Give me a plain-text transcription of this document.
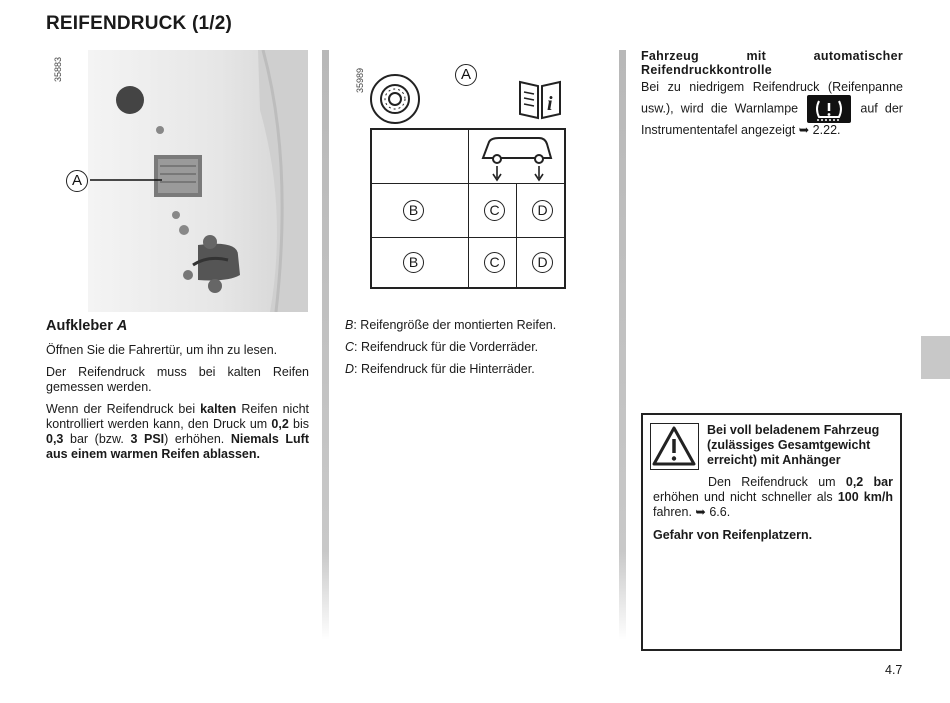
REIFENDRUCK (1/2)
35883
A
Aufkleber A

Öffnen Sie die Fahrertür, um ihn zu lesen.

Der Reifendruck muss bei kalten Reifen gemessen werden.

Wenn der Reifendruck bei kalten Reifen nicht kontrolliert werden kann, den Druck um 0,2 bis 0,3 bar (bzw. 3 PSI) erhöhen. Niemals Luft aus einem warmen Reifen ablassen.

35989	A
i
B	C	D
B	C	D

B: Reifengröße der montierten Reifen.

C: Reifendruck für die Vorderräder.

D: Reifendruck für die Hinterräder.

Fahrzeug mit automatischer Reifendruckkontrolle
Bei zu niedrigem Reifendruck (Reifenpanne usw.), wird die Warnlampe	auf der Instrumententafel angezeigt ➥ 2.22.
Bei voll beladenem Fahrzeug (zulässiges Gesamtgewicht erreicht) mit Anhänger
Den Reifendruck um 0,2 bar erhöhen und nicht schneller als 100 km/h fahren. ➥ 6.6.
Gefahr von Reifenplatzern.
4.7
